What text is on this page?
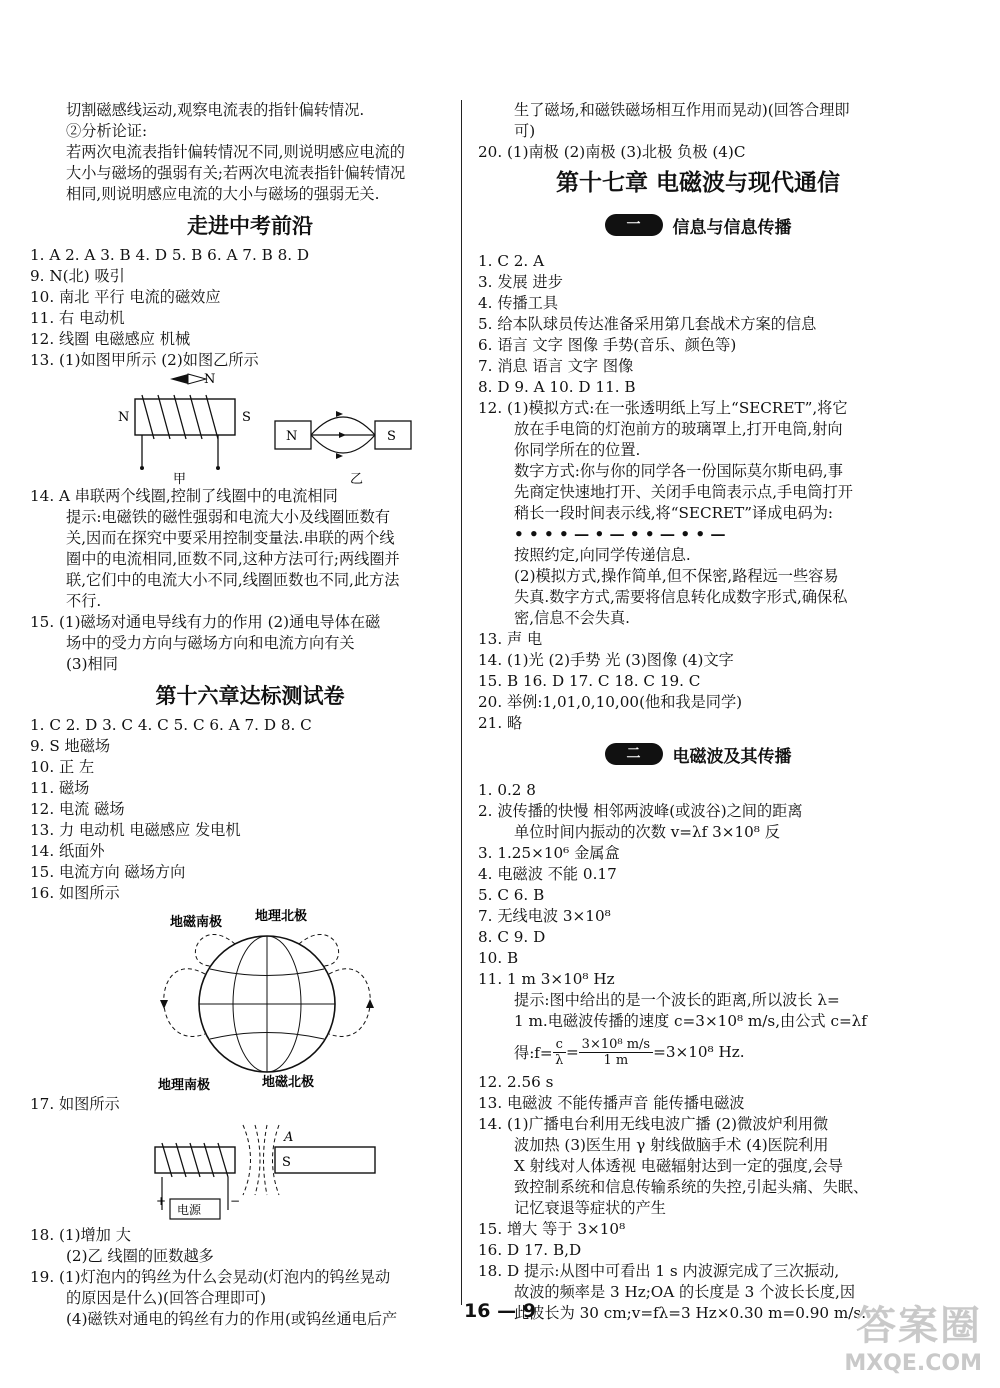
切割磁感线运动,观察电流表的指针偏转情况.
②分析论证:
若两次电流表指针偏转情况不同,则说明感应电流的
大小与磁场的强弱有关;若两次电流表指针偏转情况
相同,则说明感应电流的大小与磁场的强弱无关.
走进中考前沿
1. A 2. A 3. B 4. D 5. B 6. A 7. B 8. D
9. N(北) 吸引
10. 南北 平行 电流的磁效应
11. 右 电动机
12. 线圈 电磁感应 机械
13. (1)如图甲所示 (2)如图乙所示
N
N	S
甲
N	S
乙
14. A 串联两个线圈,控制了线圈中的电流相同
提示:电磁铁的磁性强弱和电流大小及线圈匝数有
关,因而在探究中要采用控制变量法.串联的两个线
圈中的电流相同,匝数不同,这种方法可行;两线圈并
联,它们中的电流大小不同,线圈匝数也不同,此方法
不行.
15. (1)磁场对通电导线有力的作用 (2)通电导体在磁
场中的受力方向与磁场方向和电流方向有关
(3)相同
第十六章达标测试卷
1. C 2. D 3. C 4. C 5. C 6. A 7. D 8. C
9. S 地磁场
10. 正 左
11. 磁场
12. 电流 磁场
13. 力 电动机 电磁感应 发电机
14. 纸面外
15. 电流方向 磁场方向
16. 如图所示
地磁南极	地理北极
地理南极	地磁北极
17. 如图所示
电源
+	−
S
A
18. (1)增加 大
(2)乙 线圈的匝数越多
19. (1)灯泡内的钨丝为什么会晃动(灯泡内的钨丝晃动
的原因是什么)(回答合理即可)
(4)磁铁对通电的钨丝有力的作用(或钨丝通电后产
生了磁场,和磁铁磁场相互作用而晃动)(回答合理即
可)
20. (1)南极 (2)南极 (3)北极 负极 (4)C
第十七章 电磁波与现代通信
一	信息与信息传播
1. C 2. A
3. 发展 进步
4. 传播工具
5. 给本队球员传达准备采用第几套战术方案的信息
6. 语言 文字 图像 手势(音乐、颜色等)
7. 消息 语言 文字 图像
8. D 9. A 10. D 11. B
12. (1)模拟方式:在一张透明纸上写上“SECRET”,将它
放在手电筒的灯泡前方的玻璃罩上,打开电筒,射向
你同学所在的位置.
数字方式:你与你的同学各一份国际莫尔斯电码,事
先商定快速地打开、关闭手电筒表示点,手电筒打开
稍长一段时间表示线,将“SECRET”译成电码为:
• • • • — • — • • — • • —
按照约定,向同学传递信息.
(2)模拟方式,操作简单,但不保密,路程远一些容易
失真.数字方式,需要将信息转化成数字形式,确保私
密,信息不会失真.
13. 声 电
14. (1)光 (2)手势 光 (3)图像 (4)文字
15. B 16. D 17. C 18. C 19. C
20. 举例:1,01,0,10,00(他和我是同学)
21. 略
二	电磁波及其传播
1. 0.2 8
2. 波传播的快慢 相邻两波峰(或波谷)之间的距离
单位时间内振动的次数 v=λf 3×10⁸ 反
3. 1.25×10⁶ 金属盒
4. 电磁波 不能 0.17
5. C 6. B
7. 无线电波 3×10⁸
8. C 9. D
10. B
11. 1 m 3×10⁸ Hz
提示:图中给出的是一个波长的距离,所以波长 λ=
1 m.电磁波传播的速度 c=3×10⁸ m/s,由公式 c=λf
得:f= $\frac{c}{\lambda} = \frac{\text{3×10⁸ m/s}}{1 m} =3\times 10^8$ Hz.
12. 2.56 s
13. 电磁波 不能传播声音 能传播电磁波
14. (1)广播电台利用无线电波广播 (2)微波炉利用微
波加热 (3)医生用 γ 射线做脑手术 (4)医院利用
X 射线对人体透视 电磁辐射达到一定的强度,会导
致控制系统和信息传输系统的失控,引起头痛、失眠、
记忆衰退等症状的产生
15. 增大 等于 3×10⁸
16. D 17. B,D
18. D 提示:从图中可看出 1 s 内波源完成了三次振动,
故波的频率是 3 Hz;OA 的长度是 3 个波长长度,因
此波长为 30 cm;v=fλ=3 Hz×0.30 m=0.90 m/s.
16 — 9	答案圈
MXQE.COM
